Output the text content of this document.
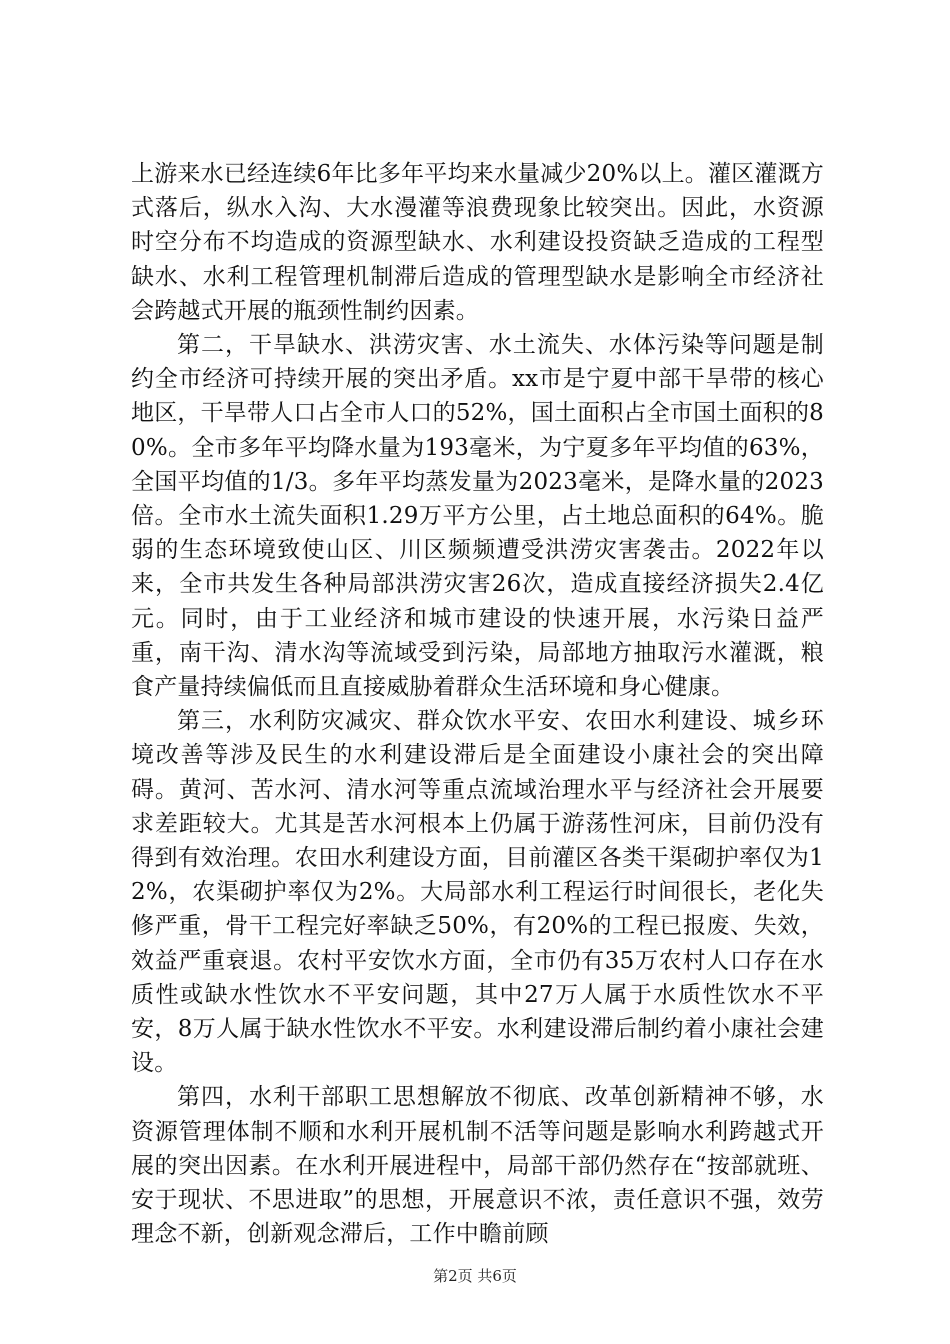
上游来水已经连续6年比多年平均来水量减少20%以上。灌区灌溉方式落后，纵水入沟、大水漫灌等浪费现象比较突出。因此，水资源时空分布不均造成的资源型缺水、水利建设投资缺乏造成的工程型缺水、水利工程管理机制滞后造成的管理型缺水是影响全市经济社会跨越式开展的瓶颈性制约因素。

第二，干旱缺水、洪涝灾害、水土流失、水体污染等问题是制约全市经济可持续开展的突出矛盾。xx市是宁夏中部干旱带的核心地区，干旱带人口占全市人口的52%，国土面积占全市国土面积的80%。全市多年平均降水量为193毫米，为宁夏多年平均值的63%，全国平均值的1/3。多年平均蒸发量为2023毫米，是降水量的2023倍。全市水土流失面积1.29万平方公里，占土地总面积的64%。脆弱的生态环境致使山区、川区频频遭受洪涝灾害袭击。2022年以来，全市共发生各种局部洪涝灾害26次，造成直接经济损失2.4亿元。同时，由于工业经济和城市建设的快速开展，水污染日益严重，南干沟、清水沟等流域受到污染，局部地方抽取污水灌溉，粮食产量持续偏低而且直接威胁着群众生活环境和身心健康。

第三，水利防灾减灾、群众饮水平安、农田水利建设、城乡环境改善等涉及民生的水利建设滞后是全面建设小康社会的突出障碍。黄河、苦水河、清水河等重点流域治理水平与经济社会开展要求差距较大。尤其是苦水河根本上仍属于游荡性河床，目前仍没有得到有效治理。农田水利建设方面，目前灌区各类干渠砌护率仅为12%，农渠砌护率仅为2%。大局部水利工程运行时间很长，老化失修严重，骨干工程完好率缺乏50%，有20%的工程已报废、失效，效益严重衰退。农村平安饮水方面，全市仍有35万农村人口存在水质性或缺水性饮水不平安问题，其中27万人属于水质性饮水不平安，8万人属于缺水性饮水不平安。水利建设滞后制约着小康社会建设。

第四，水利干部职工思想解放不彻底、改革创新精神不够，水资源管理体制不顺和水利开展机制不活等问题是影响水利跨越式开展的突出因素。在水利开展进程中，局部干部仍然存在“按部就班、安于现状、不思进取”的思想，开展意识不浓，责任意识不强，效劳理念不新，创新观念滞后，工作中瞻前顾

第2页 共6页
